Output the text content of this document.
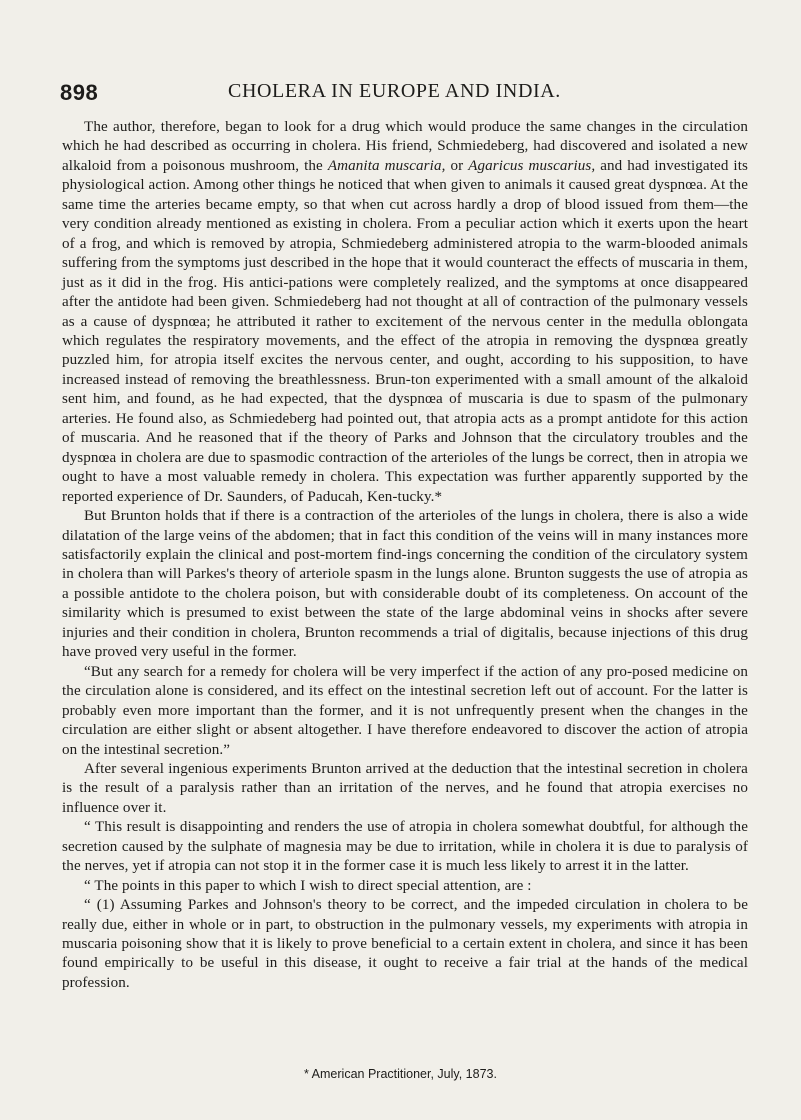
898	CHOLERA IN EUROPE AND INDIA.

The author, therefore, began to look for a drug which would produce the same changes in the circulation which he had described as occurring in cholera. His friend, Schmiedeberg, had discovered and isolated a new alkaloid from a poisonous mushroom, the Amanita muscaria, or Agaricus muscarius, and had investigated its physiological action. Among other things he noticed that when given to animals it caused great dyspnœa. At the same time the arteries became empty, so that when cut across hardly a drop of blood issued from them—the very condition already mentioned as existing in cholera. From a peculiar action which it exerts upon the heart of a frog, and which is removed by atropia, Schmiedeberg administered atropia to the warm-blooded animals suffering from the symptoms just described in the hope that it would counteract the effects of muscaria in them, just as it did in the frog. His antici-pations were completely realized, and the symptoms at once disappeared after the antidote had been given. Schmiedeberg had not thought at all of contraction of the pulmonary vessels as a cause of dyspnœa; he attributed it rather to excitement of the nervous center in the medulla oblongata which regulates the respiratory movements, and the effect of the atropia in removing the dyspnœa greatly puzzled him, for atropia itself excites the nervous center, and ought, according to his supposition, to have increased instead of removing the breathlessness. Brun-ton experimented with a small amount of the alkaloid sent him, and found, as he had expected, that the dyspnœa of muscaria is due to spasm of the pulmonary arteries. He found also, as Schmiedeberg had pointed out, that atropia acts as a prompt antidote for this action of muscaria. And he reasoned that if the theory of Parks and Johnson that the circulatory troubles and the dyspnœa in cholera are due to spasmodic contraction of the arterioles of the lungs be correct, then in atropia we ought to have a most valuable remedy in cholera. This expectation was further apparently supported by the reported experience of Dr. Saunders, of Paducah, Ken-tucky.*

But Brunton holds that if there is a contraction of the arterioles of the lungs in cholera, there is also a wide dilatation of the large veins of the abdomen; that in fact this condition of the veins will in many instances more satisfactorily explain the clinical and post-mortem find-ings concerning the condition of the circulatory system in cholera than will Parkes's theory of arteriole spasm in the lungs alone. Brunton suggests the use of atropia as a possible antidote to the cholera poison, but with considerable doubt of its completeness. On account of the similarity which is presumed to exist between the state of the large abdominal veins in shocks after severe injuries and their condition in cholera, Brunton recommends a trial of digitalis, because injections of this drug have proved very useful in the former.

“But any search for a remedy for cholera will be very imperfect if the action of any pro-posed medicine on the circulation alone is considered, and its effect on the intestinal secretion left out of account. For the latter is probably even more important than the former, and it is not unfrequently present when the changes in the circulation are either slight or absent altogether. I have therefore endeavored to discover the action of atropia on the intestinal secretion.”

After several ingenious experiments Brunton arrived at the deduction that the intestinal secretion in cholera is the result of a paralysis rather than an irritation of the nerves, and he found that atropia exercises no influence over it.

“ This result is disappointing and renders the use of atropia in cholera somewhat doubtful, for although the secretion caused by the sulphate of magnesia may be due to irritation, while in cholera it is due to paralysis of the nerves, yet if atropia can not stop it in the former case it is much less likely to arrest it in the latter.

“ The points in this paper to which I wish to direct special attention, are :

“ (1) Assuming Parkes and Johnson's theory to be correct, and the impeded circulation in cholera to be really due, either in whole or in part, to obstruction in the pulmonary vessels, my experiments with atropia in muscaria poisoning show that it is likely to prove beneficial to a certain extent in cholera, and since it has been found empirically to be useful in this disease, it ought to receive a fair trial at the hands of the medical profession.

* American Practitioner, July, 1873.
